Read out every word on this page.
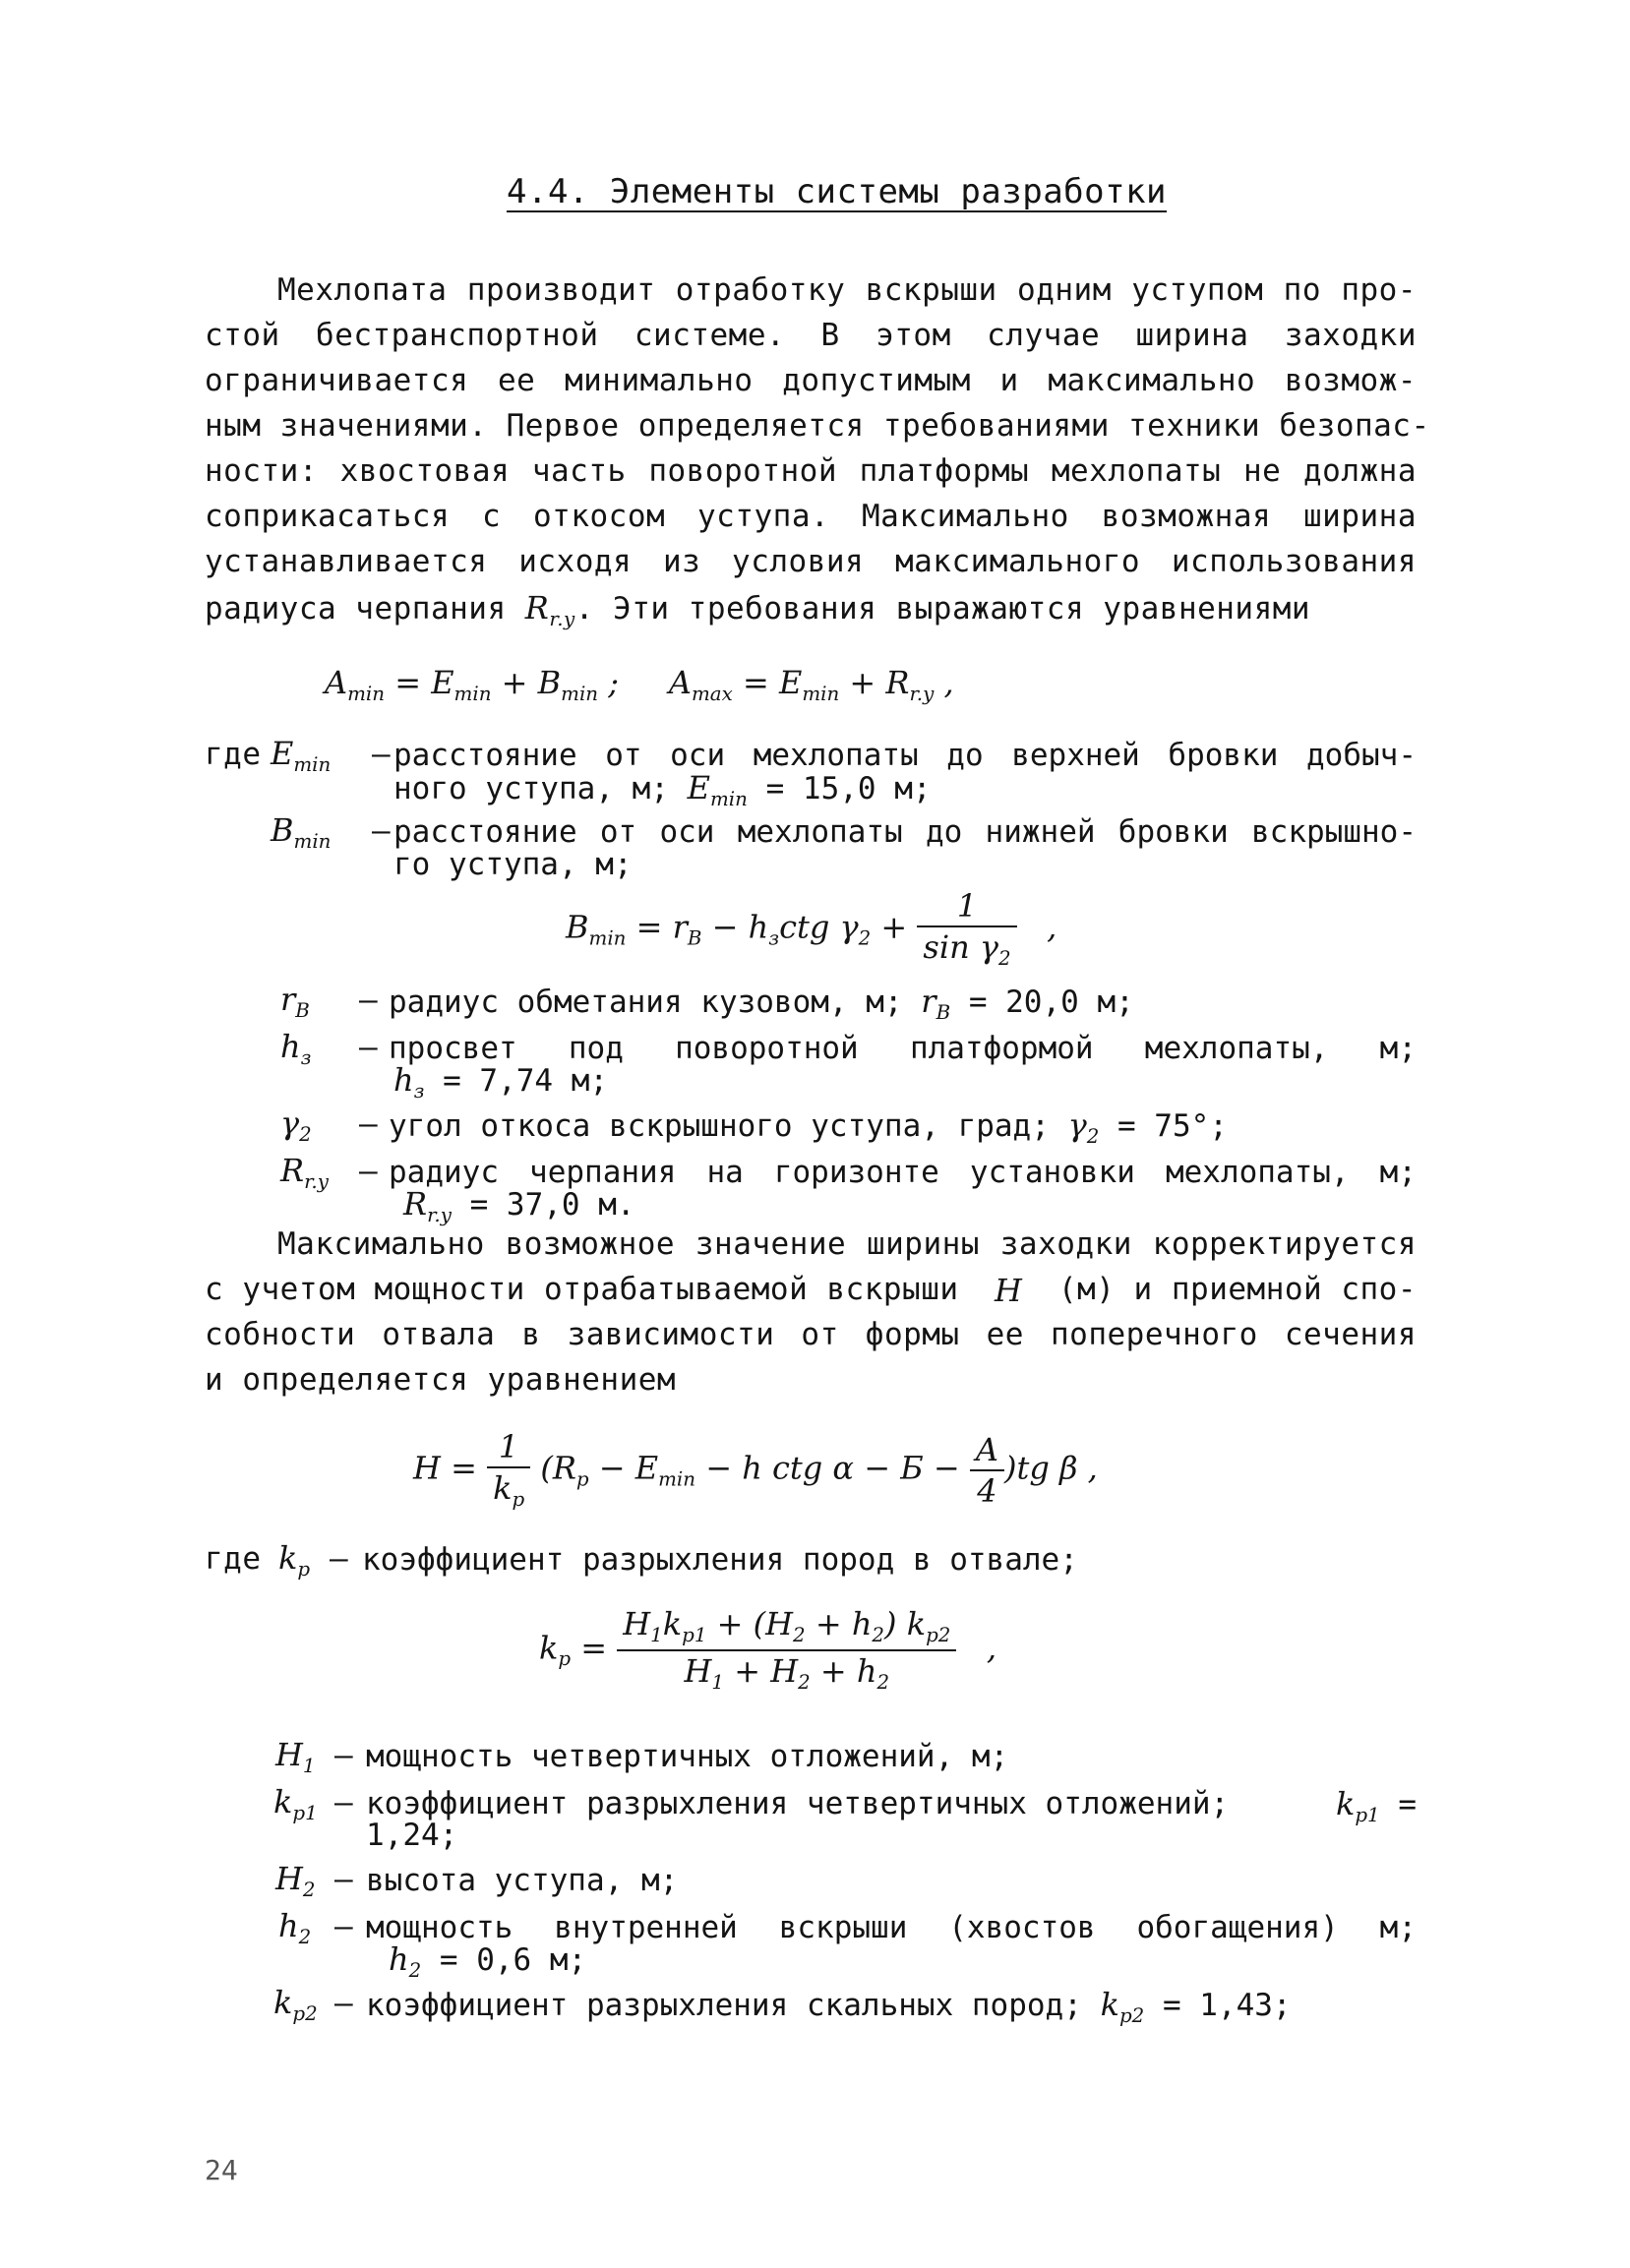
4.4. Элементы системы разработки
Мехлопата производит отработку вскрыши одним уступом по про-
стой бестранспортной системе. В этом случае ширина заходки
ограничивается ее минимально допустимым и максимально возмож-
ным значениями. Первое определяется требованиями техники безопас-
ности: хвостовая часть поворотной платформы мехлопаты не должна
соприкасаться с откосом уступа. Максимально возможная ширина
устанавливается исходя из условия максимального использования
радиуса черпания $R_{r.y}$. Эти требования выражаются уравнениями
$A_{min} = E_{min} + B_{min}$ ;     $A_{max} = E_{min} + R_{r.y}$ ,
где $E_{min}$ – расстояние от оси мехлопаты до верхней бровки добыч-
ного уступа, м; $E_{min} = 15,0$ м;
$B_{min}$ – расстояние от оси мехлопаты до нижней бровки вскрышно-
го уступа, м;
$B_{min} = r_B - h_зctg$ $\gamma_2 + \frac{1}{\sin \gamma_2}$ ,
$r_B$ – радиус обметания кузовом, м; $r_B = 20,0$ м;
$h_з$ – просвет под поворотной платформой мехлопаты, м;
$h_з = 7,74$ м;
$\gamma_2$ – угол откоса вскрышного уступа, град; $\gamma_2 = 75^\circ$;
$R_{r.y}$ – радиус черпания на горизонте установки мехлопаты, м;
$R_{r.y} = 37,0$ м.
Максимально возможное значение ширины заходки корректируется
с учетом мощности отрабатываемой вскрыши H (м) и приемной спо-
собности отвала в зависимости от формы ее поперечного сечения
и определяется уравнением
$H = \frac{1}{k_p} (R_p - E_{min} - h$ ctg $\alpha - Б - \frac{A}{4} )tg$ β ,
где $k_p$ – коэффициент разрыхления пород в отвале;
$k_p = \frac{H_1k_{p1} + (H_2 + h_2) k_{p2}}{H_1 + H_2 + h_2}$ ,
$H_1$ – мощность четвертичных отложений, м;
$k_{p1}$ – коэффициент разрыхления четвертичных отложений;	$k_{p1}$ =
1,24;
$H_2$ – высота уступа, м;
$h_2$ – мощность внутренней вскрыши (хвостов обогащения) м;
$h_2 = 0,6$ м;
$k_{p2}$ – коэффициент разрыхления скальных пород; $k_{p2} = 1,43$;
24
